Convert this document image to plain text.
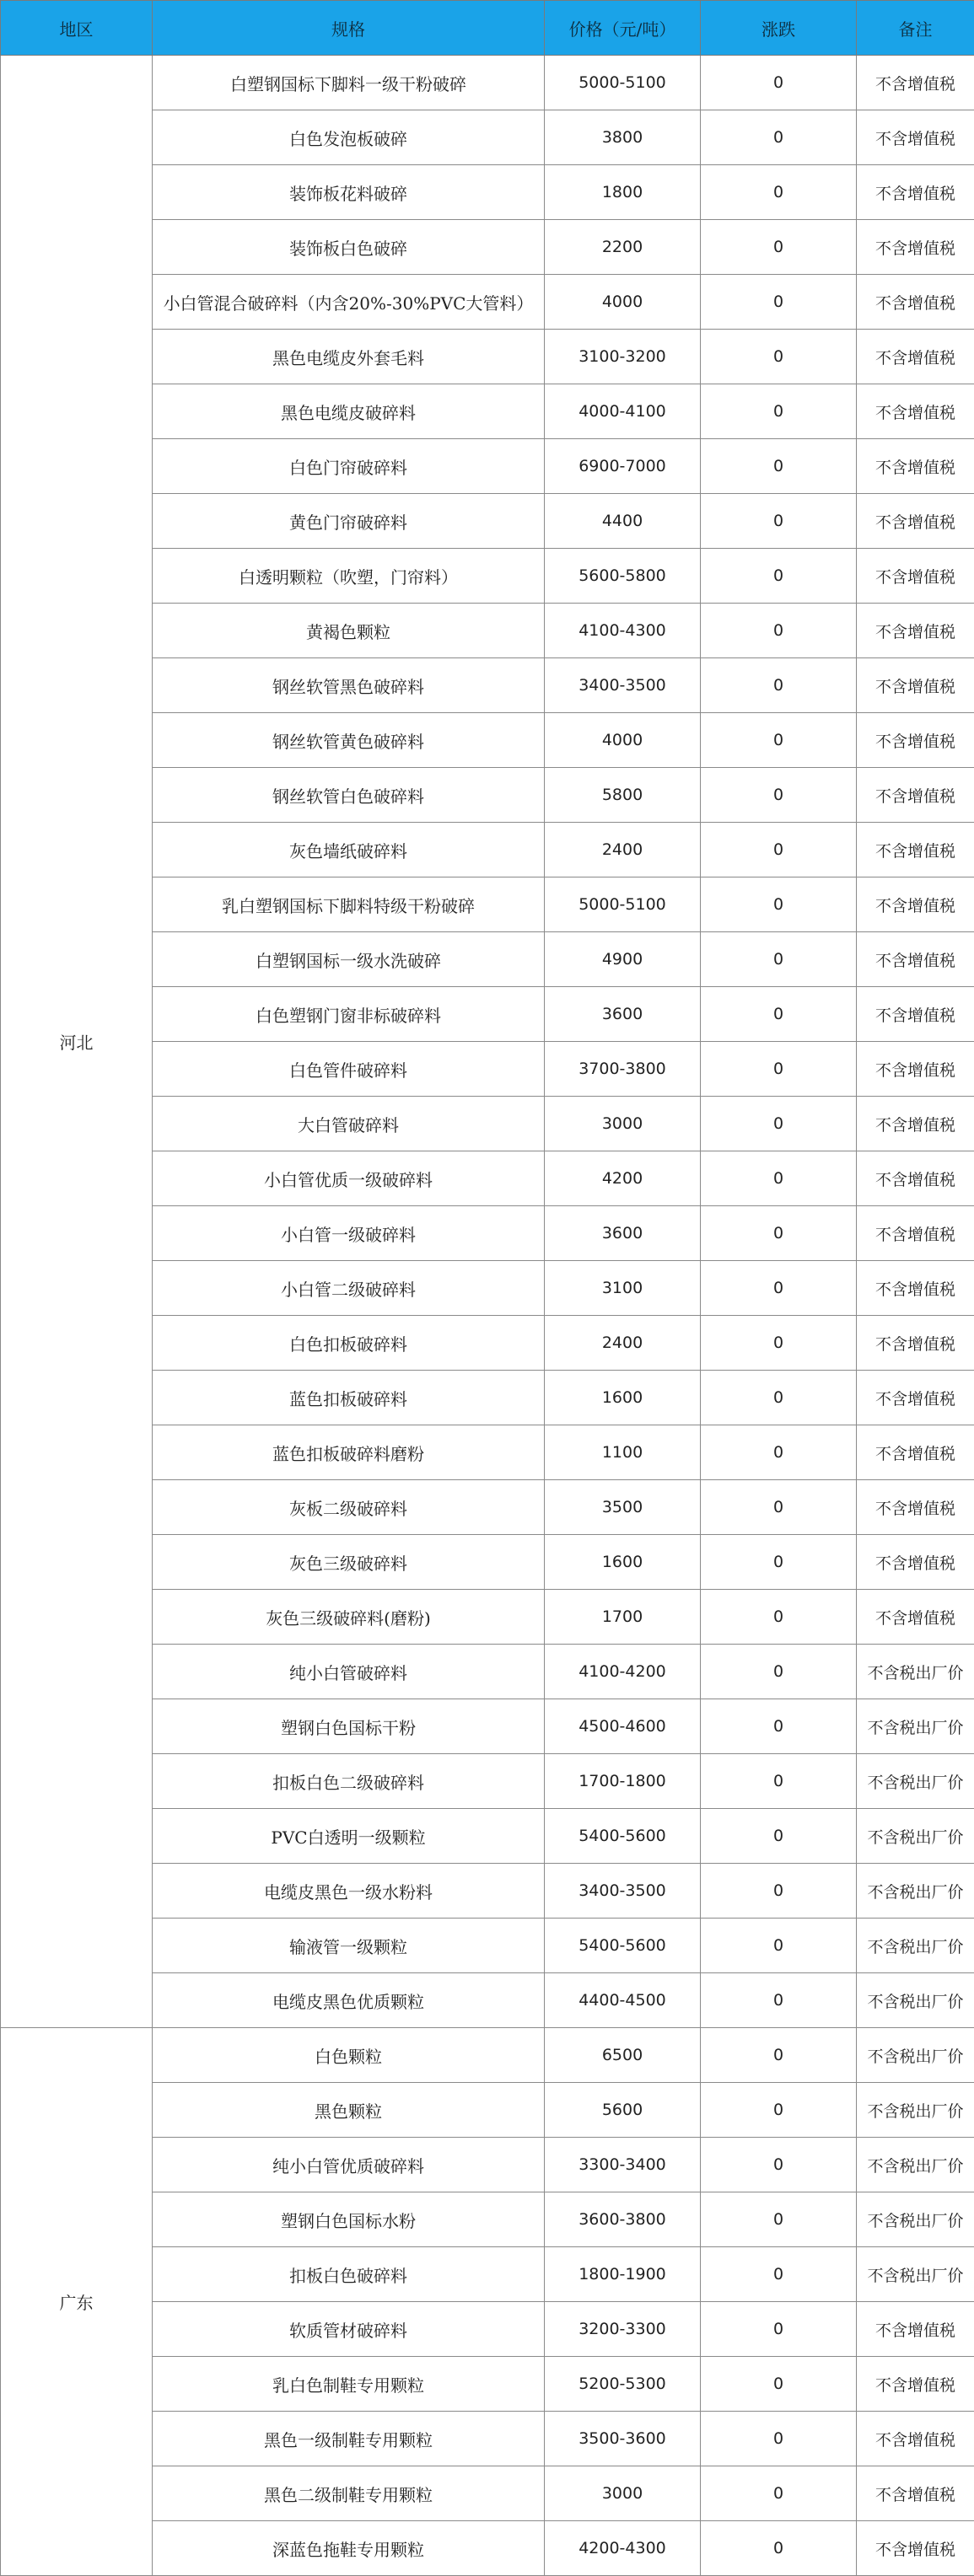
地区	规格	价格（元/吨）	涨跌	备注
河北	白塑钢国标下脚料一级干粉破碎	5000-5100	0	不含增值税
	白色发泡板破碎	3800	0	不含增值税
	装饰板花料破碎	1800	0	不含增值税
	装饰板白色破碎	2200	0	不含增值税
	小白管混合破碎料（内含20%-30%PVC大管料）	4000	0	不含增值税
	黑色电缆皮外套毛料	3100-3200	0	不含增值税
	黑色电缆皮破碎料	4000-4100	0	不含增值税
	白色门帘破碎料	6900-7000	0	不含增值税
	黄色门帘破碎料	4400	0	不含增值税
	白透明颗粒（吹塑，门帘料）	5600-5800	0	不含增值税
	黄褐色颗粒	4100-4300	0	不含增值税
	钢丝软管黑色破碎料	3400-3500	0	不含增值税
	钢丝软管黄色破碎料	4000	0	不含增值税
	钢丝软管白色破碎料	5800	0	不含增值税
	灰色墙纸破碎料	2400	0	不含增值税
	乳白塑钢国标下脚料特级干粉破碎	5000-5100	0	不含增值税
	白塑钢国标一级水洗破碎	4900	0	不含增值税
	白色塑钢门窗非标破碎料	3600	0	不含增值税
	白色管件破碎料	3700-3800	0	不含增值税
	大白管破碎料	3000	0	不含增值税
	小白管优质一级破碎料	4200	0	不含增值税
	小白管一级破碎料	3600	0	不含增值税
	小白管二级破碎料	3100	0	不含增值税
	白色扣板破碎料	2400	0	不含增值税
	蓝色扣板破碎料	1600	0	不含增值税
	蓝色扣板破碎料磨粉	1100	0	不含增值税
	灰板二级破碎料	3500	0	不含增值税
	灰色三级破碎料	1600	0	不含增值税
	灰色三级破碎料(磨粉)	1700	0	不含增值税
	纯小白管破碎料	4100-4200	0	不含税出厂价
	塑钢白色国标干粉	4500-4600	0	不含税出厂价
	扣板白色二级破碎料	1700-1800	0	不含税出厂价
	PVC白透明一级颗粒	5400-5600	0	不含税出厂价
	电缆皮黑色一级水粉料	3400-3500	0	不含税出厂价
	输液管一级颗粒	5400-5600	0	不含税出厂价
	电缆皮黑色优质颗粒	4400-4500	0	不含税出厂价
广东	白色颗粒	6500	0	不含税出厂价
	黑色颗粒	5600	0	不含税出厂价
	纯小白管优质破碎料	3300-3400	0	不含税出厂价
	塑钢白色国标水粉	3600-3800	0	不含税出厂价
	扣板白色破碎料	1800-1900	0	不含税出厂价
	软质管材破碎料	3200-3300	0	不含增值税
	乳白色制鞋专用颗粒	5200-5300	0	不含增值税
	黑色一级制鞋专用颗粒	3500-3600	0	不含增值税
	黑色二级制鞋专用颗粒	3000	0	不含增值税
	深蓝色拖鞋专用颗粒	4200-4300	0	不含增值税
